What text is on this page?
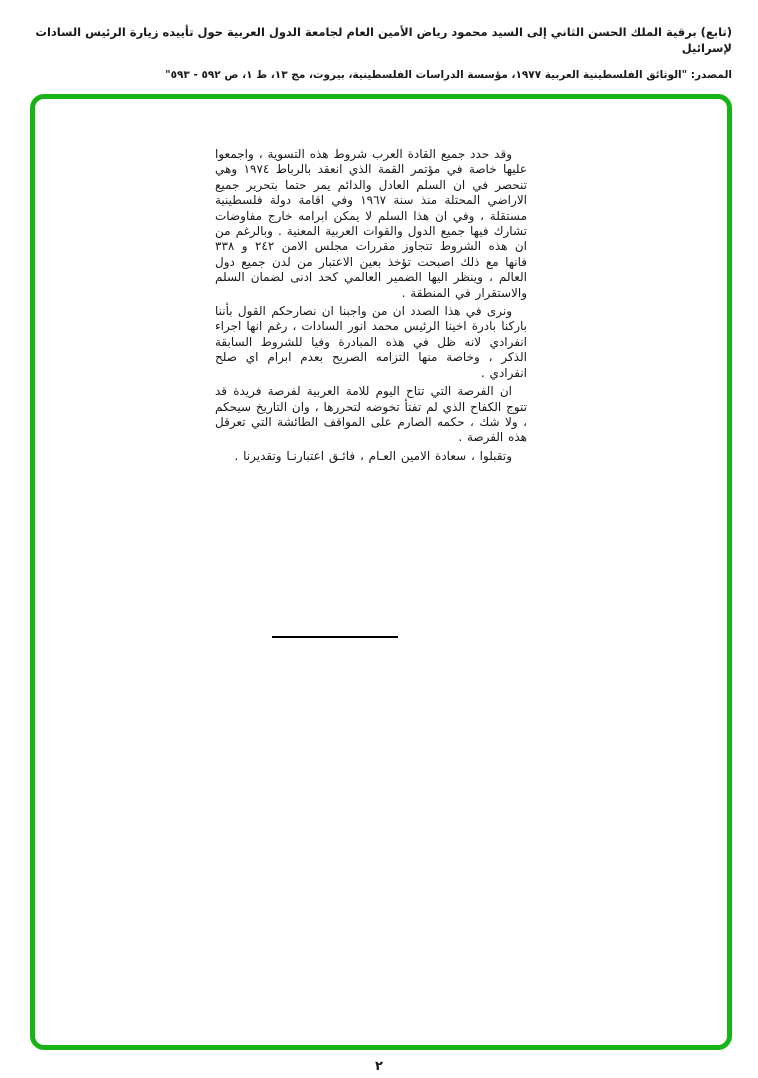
(تابع) برقية الملك الحسن الثاني إلى السيد محمود رياض الأمين العام لجامعة الدول العربية حول تأييده زيارة الرئيس السادات لإسرائيل
المصدر: "الوثائق الفلسطينية العربية ١٩٧٧، مؤسسة الدراسات الفلسطينية، بيروت، مج ١٣، ط ١، ص ٥٩٢ - ٥٩٣"

وقد حدد جميع القادة العرب شروط هذه التسوية ، واجمعوا عليها خاصة في مؤتمر القمة الذي انعقد بالرباط ١٩٧٤ وهي تنحصر في ان السلم العادل والدائم يمر حتما بتحرير جميع الاراضي المحتلة منذ سنة ١٩٦٧ وفي اقامة دولة فلسطينية مستقلة ، وفي ان هذا السلم لا يمكن ابرامه خارج مفاوضات تشارك فيها جميع الدول والقوات العربية المعنية . وبالرغم من ان هذه الشروط تتجاوز مقررات مجلس الامن ٢٤٢ و ٣٣٨ فانها مع ذلك اصبحت تؤخذ بعين الاعتبار من لدن جميع دول العالم ، وينظر اليها الضمير العالمي كحد ادنى لضمان السلم والاستقرار في المنطقة .

ونرى في هذا الصدد ان من واجبنا ان نصارحكم القول بأننا باركنا بادرة اخينا الرئيس محمد انور السادات ، رغم انها اجراء انفرادي لانه ظل في هذه المبادرة وفيا للشروط السابقة الذكر ، وخاصة منها التزامه الصريح بعدم ابرام اي صلح انفرادي .

ان الفرصة التي تتاح اليوم للامة العربية لفرصة فريدة قد تتوج الكفاح الذي لم تفتأ تخوضه لتحررها ، وان التاريخ سيحكم ، ولا شك ، حكمه الصارم على المواقف الطائشة التي تعرقل هذه الفرصة .

وتقبلوا ، سعادة الامين العـام ، فائـق اعتبارنـا وتقديرنا .

٢
